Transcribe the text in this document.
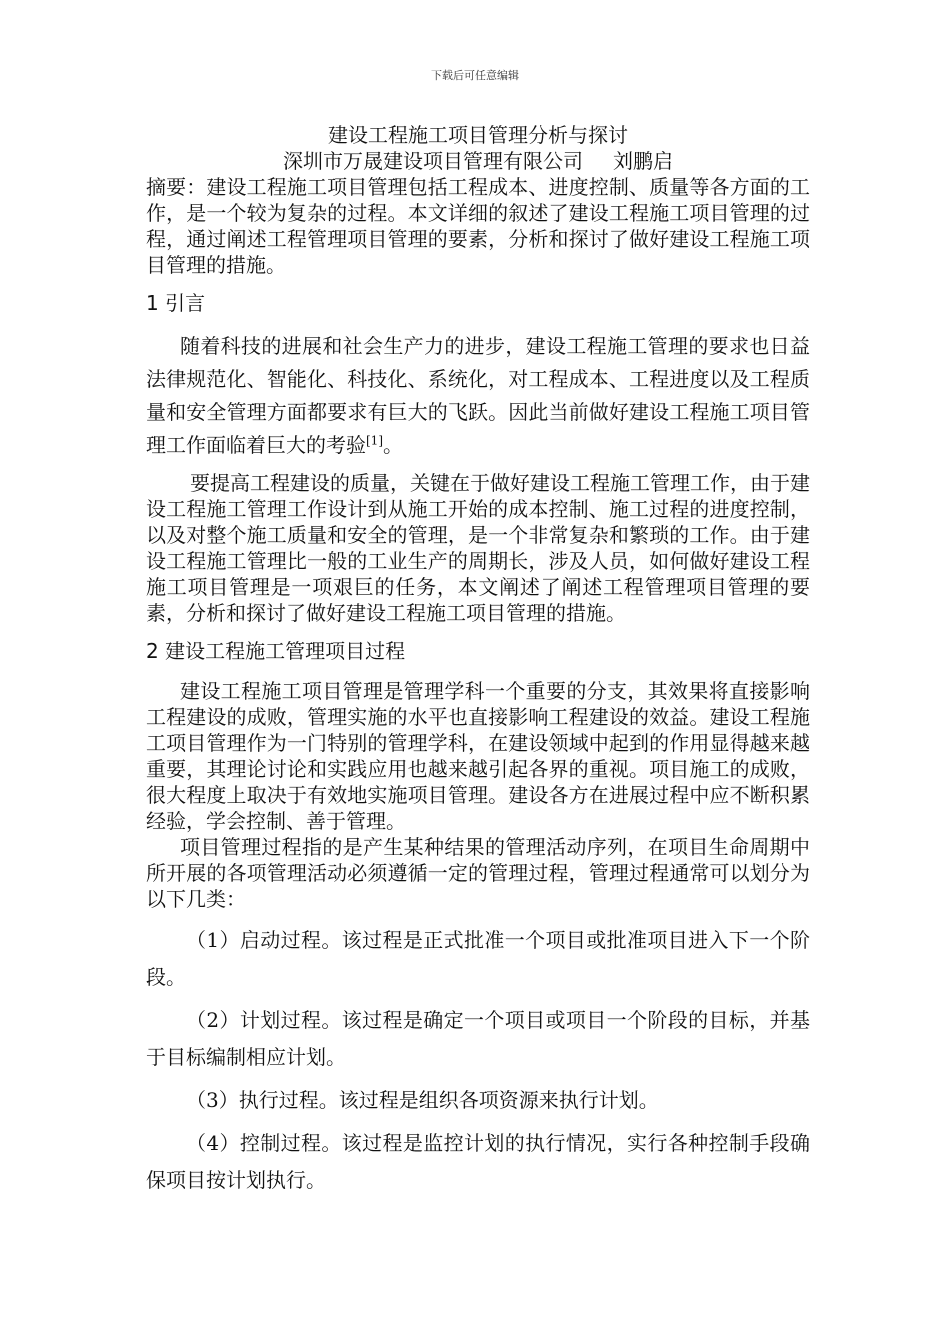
下载后可任意编辑
建设工程施工项目管理分析与探讨
深圳市万晟建设项目管理有限公司 刘鹏启

摘要：建设工程施工项目管理包括工程成本、进度控制、质量等各方面的工作，是一个较为复杂的过程。本文详细的叙述了建设工程施工项目管理的过程，通过阐述工程管理项目管理的要素，分析和探讨了做好建设工程施工项目管理的措施。

1 引言

随着科技的进展和社会生产力的进步，建设工程施工管理的要求也日益法律规范化、智能化、科技化、系统化，对工程成本、工程进度以及工程质量和安全管理方面都要求有巨大的飞跃。因此当前做好建设工程施工项目管理工作面临着巨大的考验[1]。

要提高工程建设的质量，关键在于做好建设工程施工管理工作，由于建设工程施工管理工作设计到从施工开始的成本控制、施工过程的进度控制，以及对整个施工质量和安全的管理，是一个非常复杂和繁琐的工作。由于建设工程施工管理比一般的工业生产的周期长，涉及人员，如何做好建设工程施工项目管理是一项艰巨的任务，本文阐述了阐述工程管理项目管理的要素，分析和探讨了做好建设工程施工项目管理的措施。

2 建设工程施工管理项目过程

建设工程施工项目管理是管理学科一个重要的分支，其效果将直接影响工程建设的成败，管理实施的水平也直接影响工程建设的效益。建设工程施工项目管理作为一门特别的管理学科，在建设领域中起到的作用显得越来越重要，其理论讨论和实践应用也越来越引起各界的重视。项目施工的成败，很大程度上取决于有效地实施项目管理。建设各方在进展过程中应不断积累经验，学会控制、善于管理。

项目管理过程指的是产生某种结果的管理活动序列，在项目生命周期中所开展的各项管理活动必须遵循一定的管理过程，管理过程通常可以划分为以下几类：

（1）启动过程。该过程是正式批准一个项目或批准项目进入下一个阶段。

（2）计划过程。该过程是确定一个项目或项目一个阶段的目标，并基于目标编制相应计划。

（3）执行过程。该过程是组织各项资源来执行计划。

（4）控制过程。该过程是监控计划的执行情况，实行各种控制手段确保项目按计划执行。
